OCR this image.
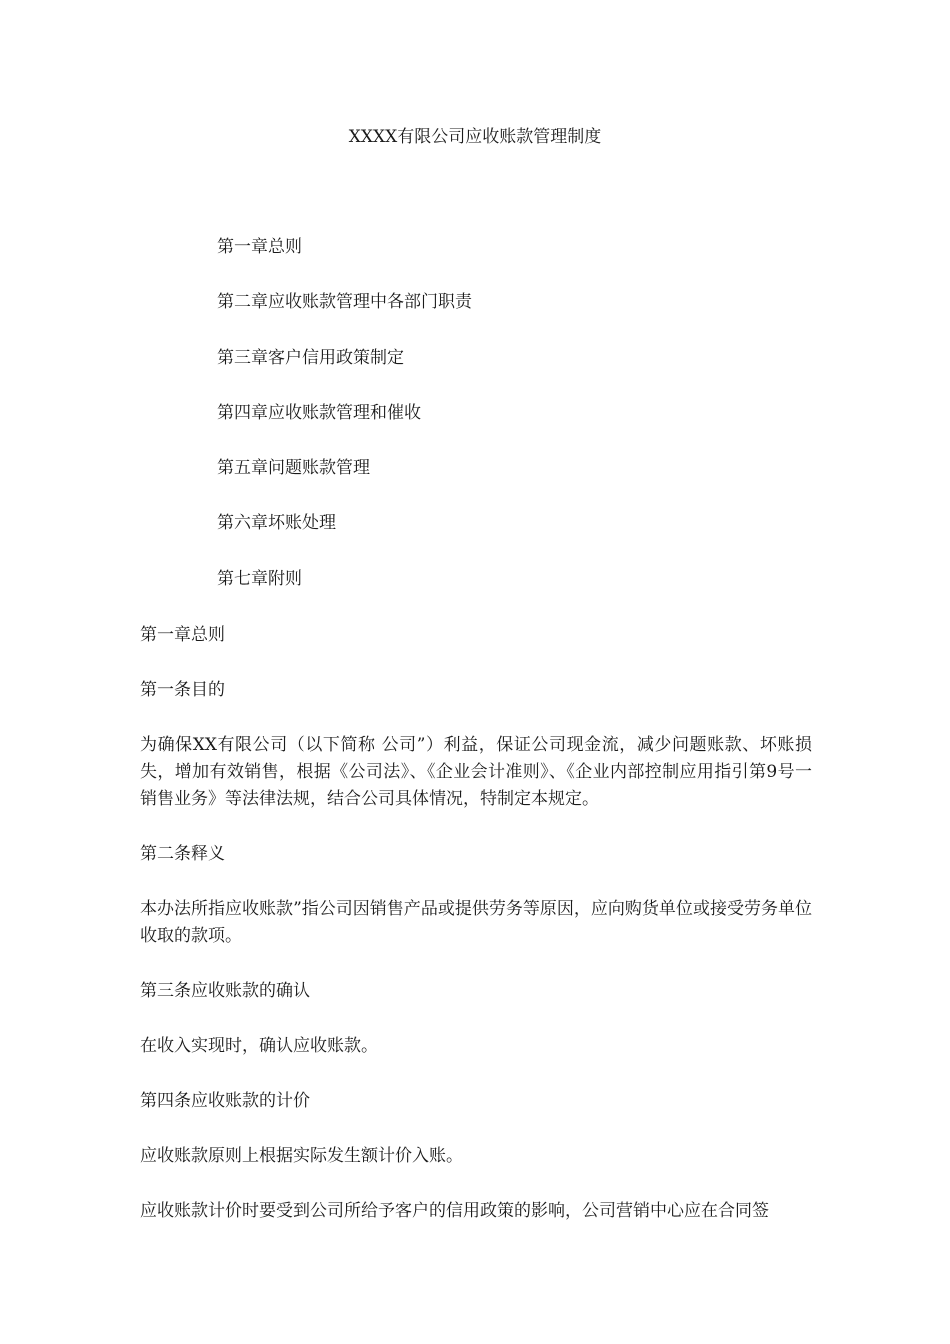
XXXX有限公司应收账款管理制度
第一章总则
第二章应收账款管理中各部门职责
第三章客户信用政策制定
第四章应收账款管理和催收
第五章问题账款管理
第六章坏账处理
第七章附则

第一章总则

第一条目的

为确保XX有限公司（以下简称 公司”）利益，保证公司现金流，减少问题账款、坏账损失，增加有效销售，根据《公司法》、《企业会计准则》、《企业内部控制应用指引第9号一销售业务》等法律法规，结合公司具体情况，特制定本规定。

第二条释义

本办法所指应收账款”指公司因销售产品或提供劳务等原因，应向购货单位或接受劳务单位收取的款项。

第三条应收账款的确认

在收入实现时，确认应收账款。

第四条应收账款的计价

应收账款原则上根据实际发生额计价入账。

应收账款计价时要受到公司所给予客户的信用政策的影响，公司营销中心应在合同签
